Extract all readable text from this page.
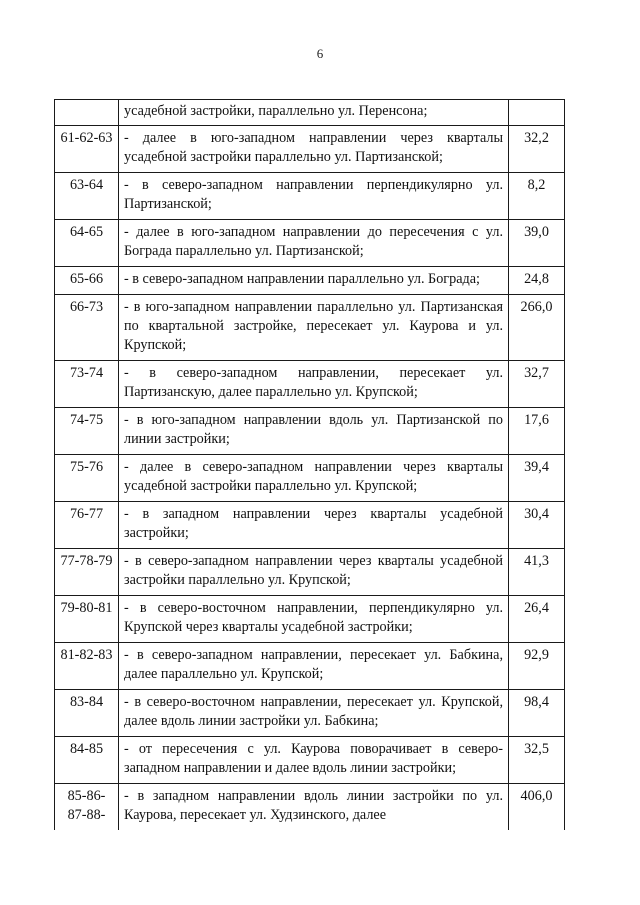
6
	усадебной застройки, параллельно ул. Перенсона;	
61-62-63	- далее в юго-западном направлении через кварталы усадебной застройки параллельно ул. Партизанской;	32,2
63-64	- в северо-западном направлении перпендикулярно ул. Партизанской;	8,2
64-65	- далее в юго-западном направлении до пересечения с ул. Бограда параллельно ул. Партизанской;	39,0
65-66	- в северо-западном направлении параллельно ул. Бограда;	24,8
66-73	- в юго-западном направлении параллельно ул. Партизанская по квартальной застройке, пересекает ул. Каурова и ул. Крупской;	266,0
73-74	- в северо-западном направлении, пересекает ул. Партизанскую, далее параллельно ул. Крупской;	32,7
74-75	- в юго-западном направлении вдоль ул. Партизанской по линии застройки;	17,6
75-76	- далее в северо-западном направлении через кварталы усадебной застройки параллельно ул. Крупской;	39,4
76-77	- в западном направлении через кварталы усадебной застройки;	30,4
77-78-79	- в северо-западном направлении через кварталы усадебной застройки параллельно ул. Крупской;	41,3
79-80-81	- в северо-восточном направлении, перпендикулярно ул. Крупской через кварталы усадебной застройки;	26,4
81-82-83	- в северо-западном направлении, пересекает ул. Бабкина, далее параллельно ул. Крупской;	92,9
83-84	- в северо-восточном направлении, пересекает ул. Крупской, далее вдоль линии застройки ул. Бабкина;	98,4
84-85	- от пересечения с ул. Каурова поворачивает в северо-западном направлении и далее вдоль линии застройки;	32,5
85-86-87-88-	- в западном направлении вдоль линии застройки по ул. Каурова, пересекает ул. Худзинского, далее	406,0
